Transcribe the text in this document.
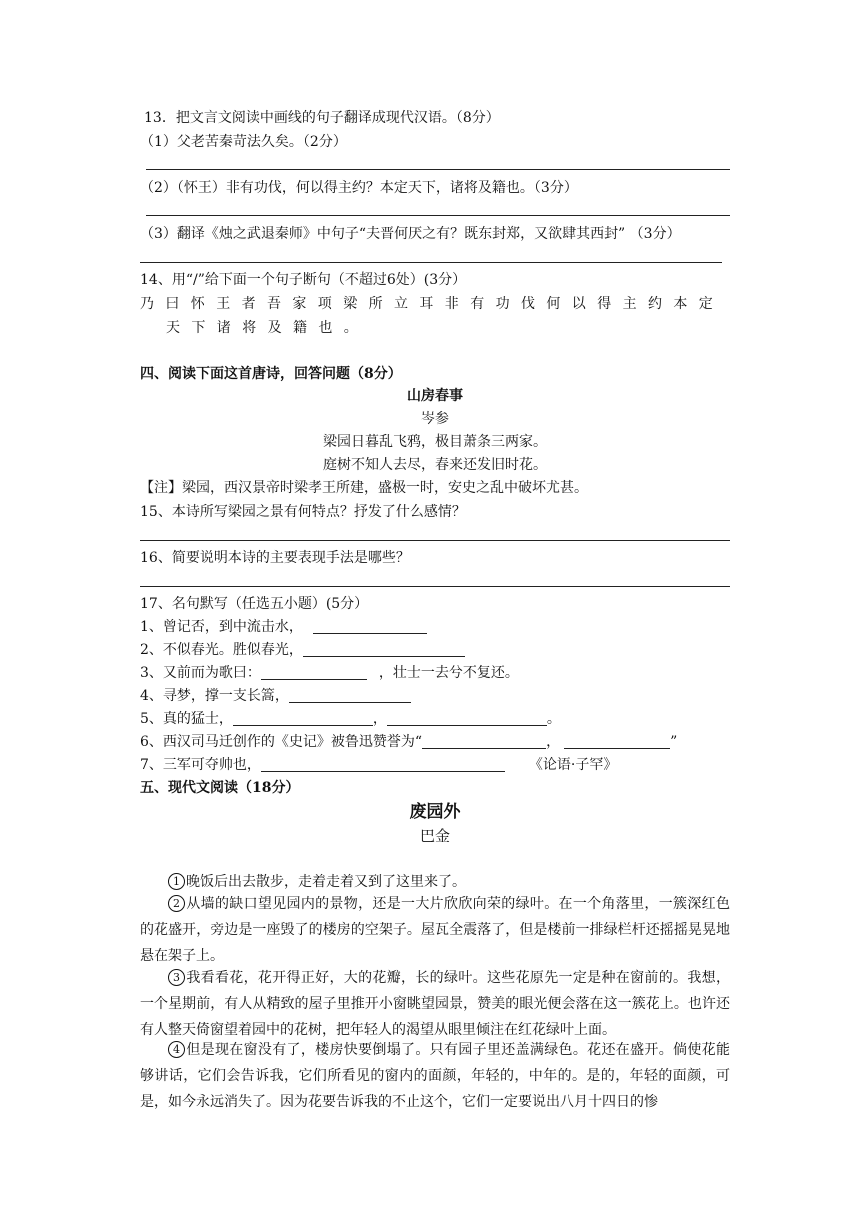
13．把文言文阅读中画线的句子翻译成现代汉语。（8分）
（1）父老苦秦苛法久矣。（2分）
（2）（怀王）非有功伐，何以得主约？本定天下，诸将及籍也。（3分）
（3）翻译《烛之武退秦师》中句子“夫晋何厌之有？既东封郑，又欲肆其西封” （3分）
14、用“/”给下面一个句子断句（不超过6处）(3分）
乃曰怀王者吾家项梁所立耳非有功伐何以得主约本定
天下诸将及籍也。
四、阅读下面这首唐诗，回答问题（8分）
山房春事
岑参
梁园日暮乱飞鸦，极目萧条三两家。
庭树不知人去尽，春来还发旧时花。
【注】梁园，西汉景帝时梁孝王所建，盛极一时，安史之乱中破坏尤甚。
15、本诗所写梁园之景有何特点？抒发了什么感情？
16、简要说明本诗的主要表现手法是哪些？
17、名句默写（任选五小题）(5分）
1、曾记否，到中流击水，
2、不似春光。胜似春光，
3、又前而为歌曰：	，壮士一去兮不复还。
4、寻梦，撑一支长篙，
5、真的猛士，	，	。
6、西汉司马迁创作的《史记》被鲁迅赞誉为“	，	”
7、三军可夺帅也，	《论语·子罕》
五、现代文阅读（18分）
废园外
巴金
1 晚饭后出去散步，走着走着又到了这里来了。
2 从墙的缺口望见园内的景物，还是一大片欣欣向荣的绿叶。在一个角落里，一簇深红色的花盛开，旁边是一座毁了的楼房的空架子。屋瓦全震落了，但是楼前一排绿栏杆还摇摇晃晃地悬在架子上。
3 我看看花，花开得正好，大的花瓣，长的绿叶。这些花原先一定是种在窗前的。我想，一个星期前，有人从精致的屋子里推开小窗眺望园景，赞美的眼光便会落在这一簇花上。也许还有人整天倚窗望着园中的花树，把年轻人的渴望从眼里倾注在红花绿叶上面。
4 但是现在窗没有了，楼房快要倒塌了。只有园子里还盖满绿色。花还在盛开。倘使花能够讲话，它们会告诉我，它们所看见的窗内的面颜，年轻的，中年的。是的，年轻的面颜，可是，如今永远消失了。因为花要告诉我的不止这个，它们一定要说出八月十四日的惨
